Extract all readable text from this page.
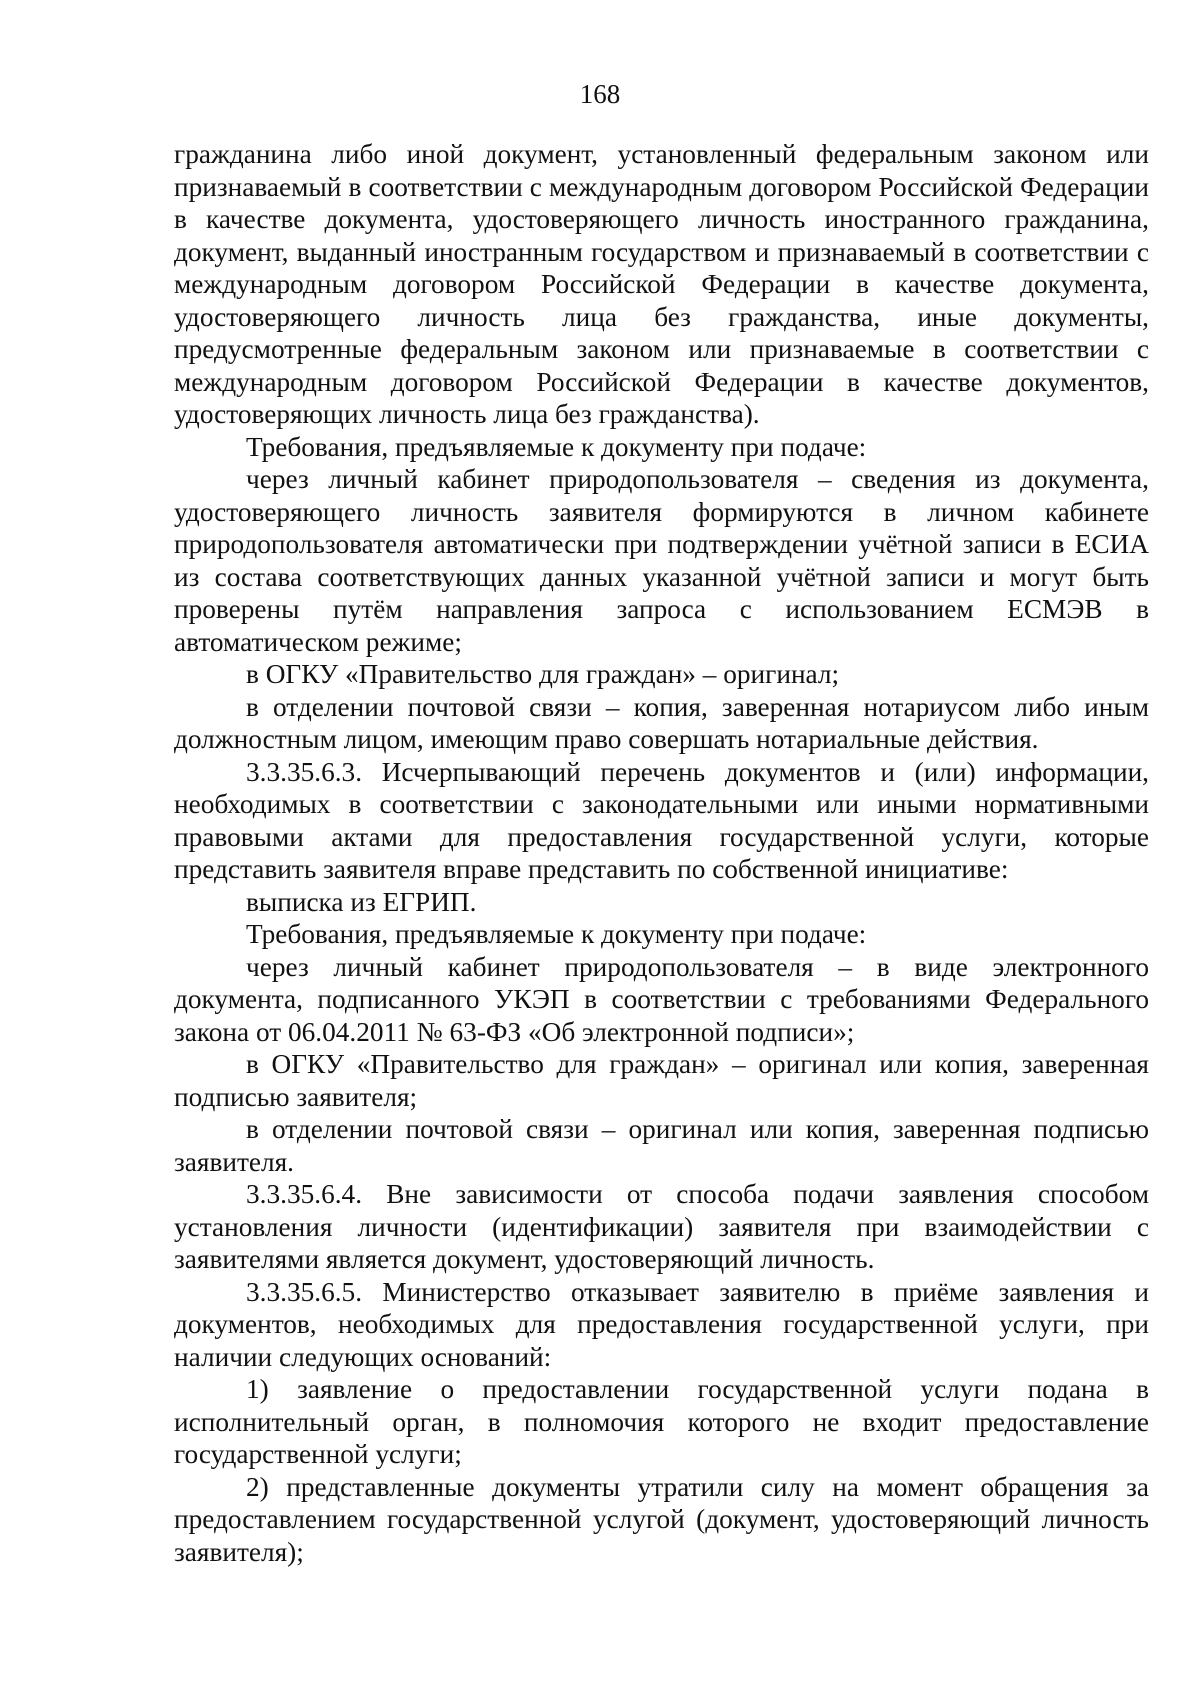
168

гражданина либо иной документ, установленный федеральным законом или признаваемый в соответствии с международным договором Российской Федерации в качестве документа, удостоверяющего личность иностранного гражданина, документ, выданный иностранным государством и признаваемый в соответствии с международным договором Российской Федерации в качестве документа, удостоверяющего личность лица без гражданства, иные документы, предусмотренные федеральным законом или признаваемые в соответствии с международным договором Российской Федерации в качестве документов, удостоверяющих личность лица без гражданства).

Требования, предъявляемые к документу при подаче:

через личный кабинет природопользователя – сведения из документа, удостоверяющего личность заявителя формируются в личном кабинете природопользователя автоматически при подтверждении учётной записи в ЕСИА из состава соответствующих данных указанной учётной записи и могут быть проверены путём направления запроса с использованием ЕСМЭВ в автоматическом режиме;

в ОГКУ «Правительство для граждан» – оригинал;

в отделении почтовой связи – копия, заверенная нотариусом либо иным должностным лицом, имеющим право совершать нотариальные действия.

3.3.35.6.3. Исчерпывающий перечень документов и (или) информации, необходимых в соответствии с законодательными или иными нормативными правовыми актами для предоставления государственной услуги, которые представить заявителя вправе представить по собственной инициативе:

выписка из ЕГРИП.

Требования, предъявляемые к документу при подаче:

через личный кабинет природопользователя – в виде электронного документа, подписанного УКЭП в соответствии с требованиями Федерального закона от 06.04.2011 № 63-ФЗ «Об электронной подписи»;

в ОГКУ «Правительство для граждан» – оригинал или копия, заверенная подписью заявителя;

в отделении почтовой связи – оригинал или копия, заверенная подписью заявителя.

3.3.35.6.4. Вне зависимости от способа подачи заявления способом установления личности (идентификации) заявителя при взаимодействии с заявителями является документ, удостоверяющий личность.

3.3.35.6.5. Министерство отказывает заявителю в приёме заявления и документов, необходимых для предоставления государственной услуги, при наличии следующих оснований:

1) заявление о предоставлении государственной услуги подана в исполнительный орган, в полномочия которого не входит предоставление государственной услуги;

2) представленные документы утратили силу на момент обращения за предоставлением государственной услугой (документ, удостоверяющий личность заявителя);
